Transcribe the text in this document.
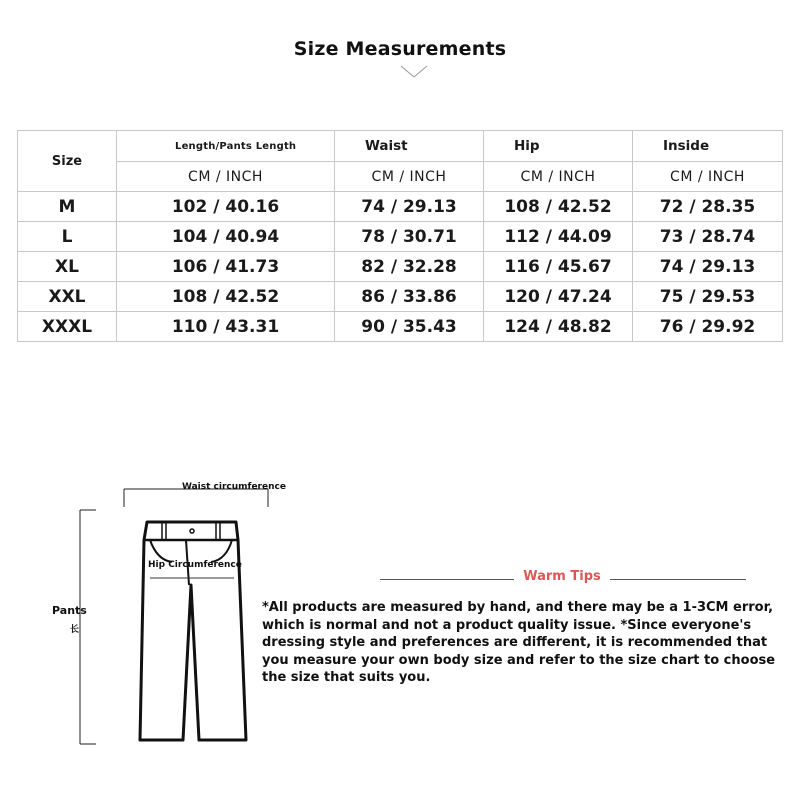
Size Measurements
Size	Length/Pants Length	Waist	Hip	Inside
	CM / INCH	CM / INCH	CM / INCH	CM / INCH
M	102 / 40.16	74 / 29.13	108 / 42.52	72 / 28.35
L	104 / 40.94	78 / 30.71	112 / 44.09	73 / 28.74
XL	106 / 41.73	82 / 32.28	116 / 45.67	74 / 29.13
XXL	108 / 42.52	86 / 33.86	120 / 47.24	75 / 29.53
XXXL	110 / 43.31	90 / 35.43	124 / 48.82	76 / 29.92
Waist circumference
Hip Circumference
Pants
长
Warm Tips
*All products are measured by hand, and there may be a 1-3CM error, which is normal and not a product quality issue. *Since everyone's dressing style and preferences are different, it is recommended that you measure your own body size and refer to the size chart to choose the size that suits you.
